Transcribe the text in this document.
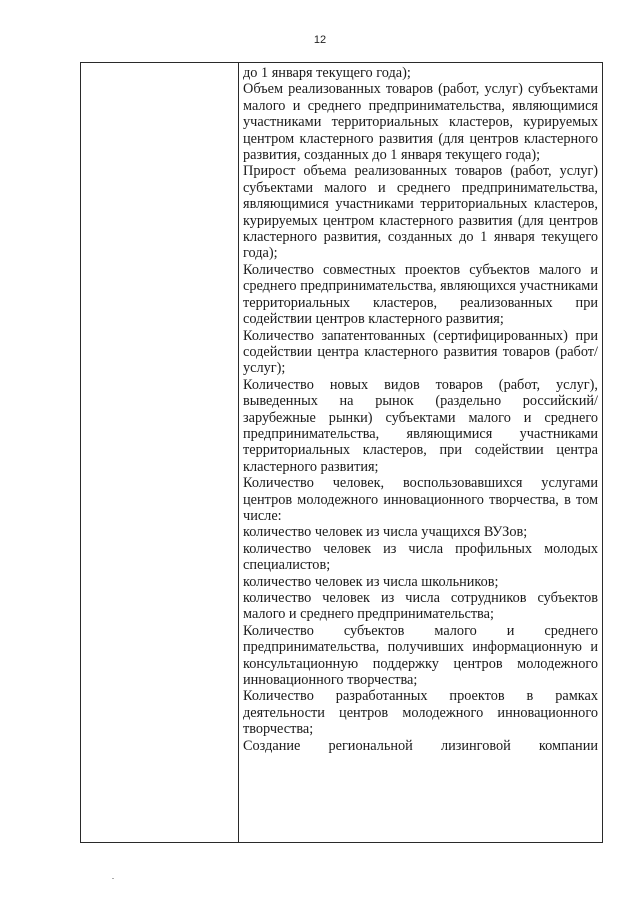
12

до 1 января текущего года);

Объем реализованных товаров (работ, услуг) субъектами малого и среднего предпринимательства, являющимися участниками территориальных кластеров, курируемых центром кластерного развития (для центров кластерного развития, созданных до 1 января текущего года);

Прирост объема реализованных товаров (работ, услуг) субъектами малого и среднего предпринимательства, являющимися участниками территориальных кластеров, курируемых центром кластерного развития (для центров кластерного развития, созданных до 1 января текущего года);

Количество совместных проектов субъектов малого и среднего предпринимательства, являющихся участниками территориальных кластеров, реализованных при содействии центров кластерного развития;

Количество запатентованных (сертифицированных) при содействии центра кластерного развития товаров (работ/услуг);

Количество новых видов товаров (работ, услуг), выведенных на рынок (раздельно российский/зарубежные рынки) субъектами малого и среднего предпринимательства, являющимися участниками территориальных кластеров, при содействии центра кластерного развития;

Количество человек, воспользовавшихся услугами центров молодежного инновационного творчества, в том числе:

количество человек из числа учащихся ВУЗов;

количество человек из числа профильных молодых специалистов;

количество человек из числа школьников;

количество человек из числа сотрудников субъектов малого и среднего предпринимательства;

Количество субъектов малого и среднего предпринимательства, получивших информационную и консультационную поддержку центров молодежного инновационного творчества;

Количество разработанных проектов в рамках деятельности центров молодежного инновационного творчества;

Создание региональной лизинговой компании
